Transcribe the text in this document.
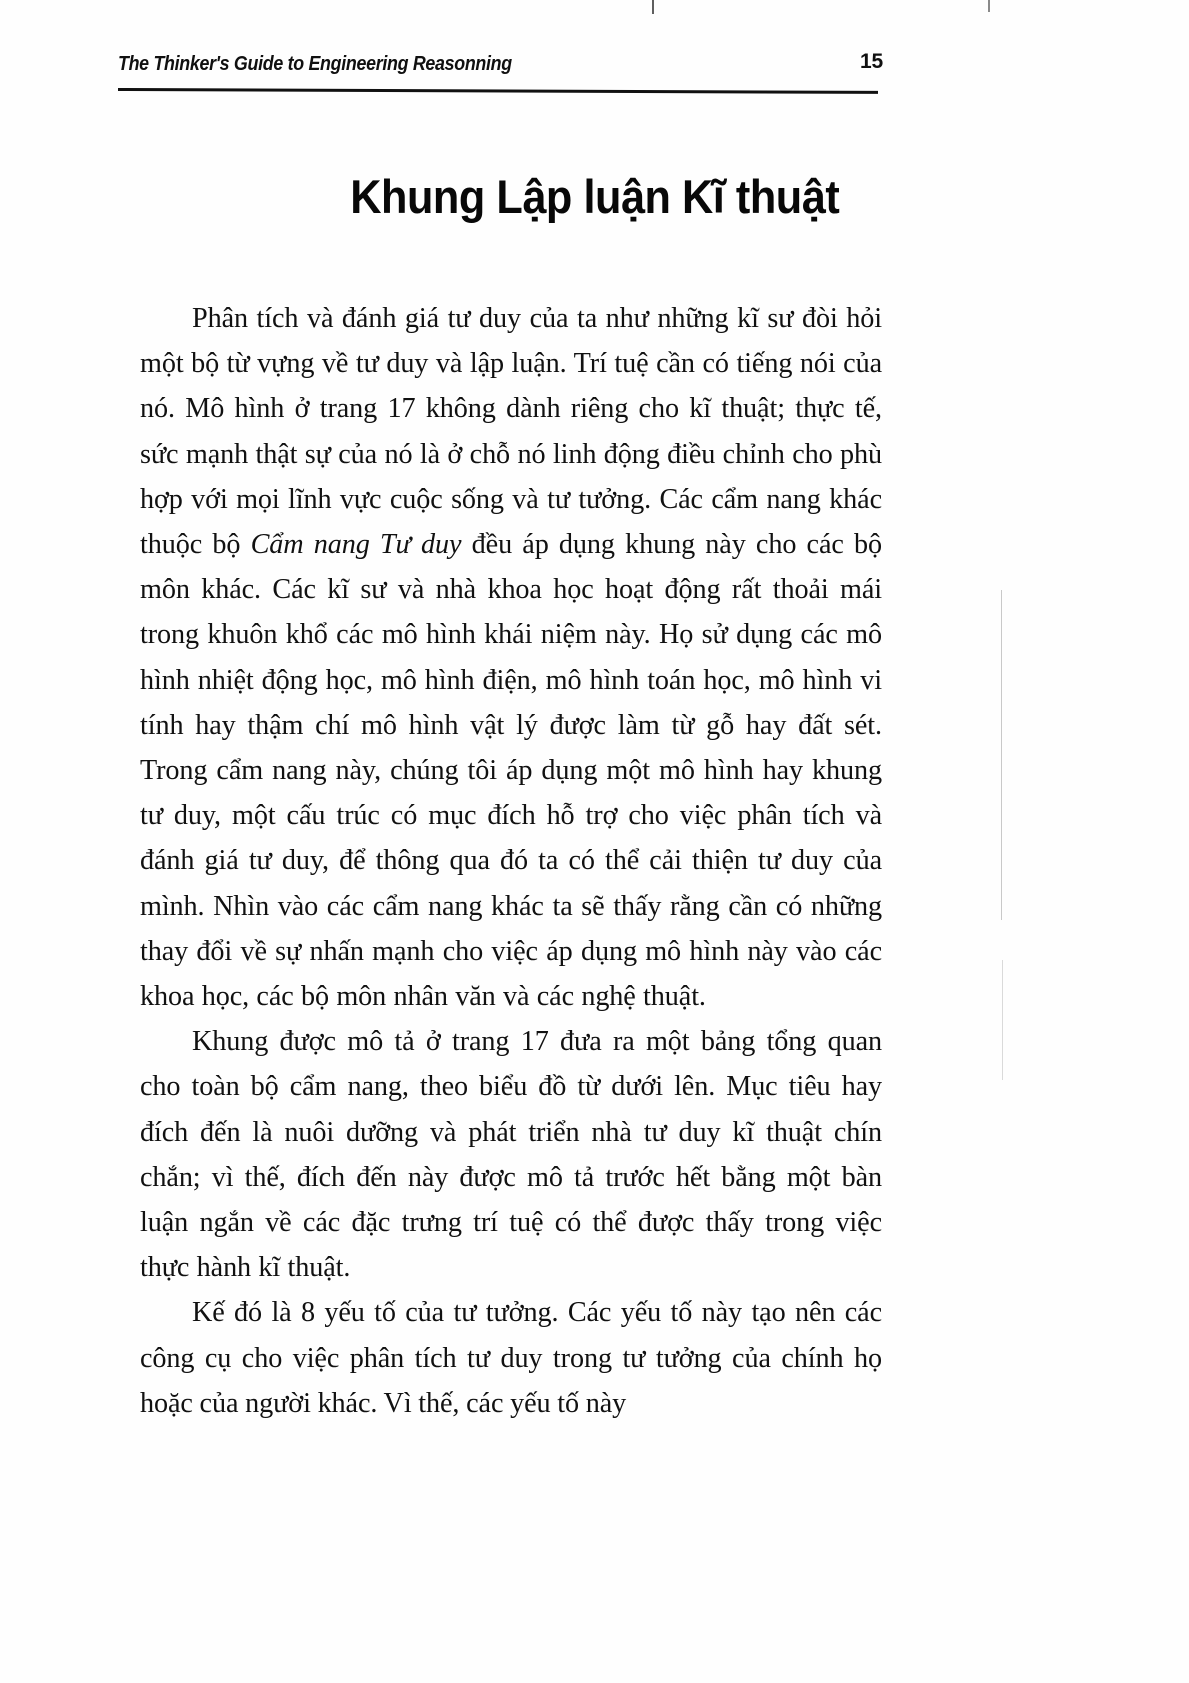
The Thinker's Guide to Engineering Reasonning	15
Khung Lập luận Kĩ thuật

Phân tích và đánh giá tư duy của ta như những kĩ sư đòi hỏi một bộ từ vựng về tư duy và lập luận. Trí tuệ cần có tiếng nói của nó. Mô hình ở trang 17 không dành riêng cho kĩ thuật; thực tế, sức mạnh thật sự của nó là ở chỗ nó linh động điều chỉnh cho phù hợp với mọi lĩnh vực cuộc sống và tư tưởng. Các cẩm nang khác thuộc bộ Cẩm nang Tư duy đều áp dụng khung này cho các bộ môn khác. Các kĩ sư và nhà khoa học hoạt động rất thoải mái trong khuôn khổ các mô hình khái niệm này. Họ sử dụng các mô hình nhiệt động học, mô hình điện, mô hình toán học, mô hình vi tính hay thậm chí mô hình vật lý được làm từ gỗ hay đất sét. Trong cẩm nang này, chúng tôi áp dụng một mô hình hay khung tư duy, một cấu trúc có mục đích hỗ trợ cho việc phân tích và đánh giá tư duy, để thông qua đó ta có thể cải thiện tư duy của mình. Nhìn vào các cẩm nang khác ta sẽ thấy rằng cần có những thay đổi về sự nhấn mạnh cho việc áp dụng mô hình này vào các khoa học, các bộ môn nhân văn và các nghệ thuật.

Khung được mô tả ở trang 17 đưa ra một bảng tổng quan cho toàn bộ cẩm nang, theo biểu đồ từ dưới lên. Mục tiêu hay đích đến là nuôi dưỡng và phát triển nhà tư duy kĩ thuật chín chắn; vì thế, đích đến này được mô tả trước hết bằng một bàn luận ngắn về các đặc trưng trí tuệ có thể được thấy trong việc thực hành kĩ thuật.

Kế đó là 8 yếu tố của tư tưởng. Các yếu tố này tạo nên các công cụ cho việc phân tích tư duy trong tư tưởng của chính họ hoặc của người khác. Vì thế, các yếu tố này
